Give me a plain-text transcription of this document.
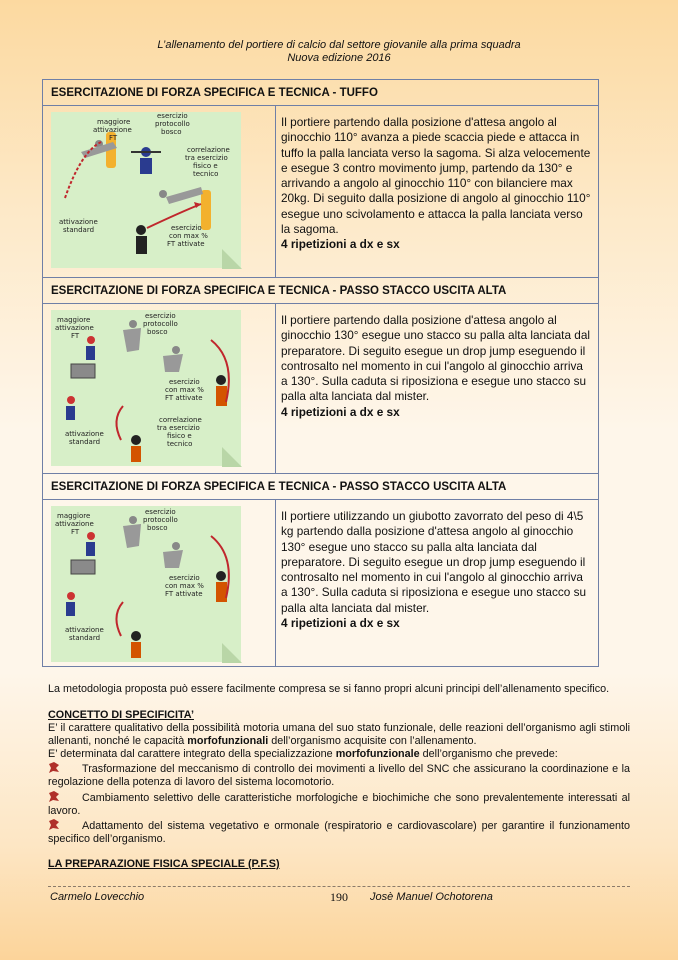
L’allenamento del portiere di calcio dal settore giovanile alla prima squadra
Nuova edizione 2016
ESERCITAZIONE DI FORZA SPECIFICA E TECNICA - TUFFO
maggiore
attivazione
FT
esercizio
protocollo
bosco
correlazione
tra esercizio
fisico e
tecnico
attivazione
standard	esercizio
con max %
FT attivate
Il portiere partendo dalla posizione d'attesa angolo al ginocchio 110° avanza a piede scaccia piede e attacca in tuffo la palla lanciata verso la sagoma. Si alza velocemente e esegue 3 contro movimento jump, partendo da 130° e arrivando a angolo al ginocchio 110° con bilanciere max 20kg. Di seguito dalla posizione di angolo al ginocchio 110° esegue uno scivolamento e attacca la palla lanciata verso la sagoma.
4 ripetizioni a dx e sx
ESERCITAZIONE DI FORZA SPECIFICA E TECNICA - PASSO STACCO USCITA ALTA
maggiore
attivazione
FT
esercizio
protocollo
bosco
esercizio
con max %
FT attivate
correlazione
tra esercizio
fisico e
tecnico
attivazione
standard
Il portiere partendo dalla posizione d'attesa angolo al ginocchio 130° esegue uno stacco su palla alta lanciata dal preparatore. Di seguito esegue un drop jump eseguendo il controsalto nel momento in cui l'angolo al ginocchio arriva a 130°. Sulla caduta si riposiziona e esegue uno stacco su palla alta lanciata dal mister.
4 ripetizioni a dx e sx
ESERCITAZIONE DI FORZA SPECIFICA E TECNICA - PASSO STACCO USCITA ALTA
maggiore
attivazione
FT
esercizio
protocollo
bosco
esercizio
con max %
FT attivate
attivazione
standard
Il portiere utilizzando un giubotto zavorrato del peso di 4\5 kg partendo dalla posizione d'attesa angolo al ginocchio 130° esegue uno stacco su palla alta lanciata dal preparatore. Di seguito esegue un drop jump eseguendo il controsalto nel momento in cui l'angolo al ginocchio arriva a 130°. Sulla caduta si riposiziona e esegue uno stacco su palla alta lanciata dal mister.
4 ripetizioni a dx e sx
La metodologia proposta può essere facilmente compresa se si fanno propri alcuni principi dell’allenamento specifico.
CONCETTO DI SPECIFICITA’
E’ il carattere qualitativo della possibilità motoria umana del suo stato funzionale, delle reazioni dell’organismo agli stimoli allenanti, nonché le capacità morfofunzionali dell’organismo acquisite con l’allenamento.
E’ determinata dal carattere integrato della specializzazione morfofunzionale dell’organismo che prevede:
Trasformazione del meccanismo di controllo dei movimenti a livello del SNC che assicurano la coordinazione e la regolazione della potenza di lavoro del sistema locomotorio.
Cambiamento selettivo delle caratteristiche morfologiche e biochimiche che sono prevalentemente interessati al lavoro.
Adattamento del sistema vegetativo e ormonale (respiratorio e cardiovascolare) per garantire il funzionamento specifico dell’organismo.
LA PREPARAZIONE FISICA SPECIALE (P.F.S)
Carmelo Lovecchio	190 Josè Manuel Ochotorena
